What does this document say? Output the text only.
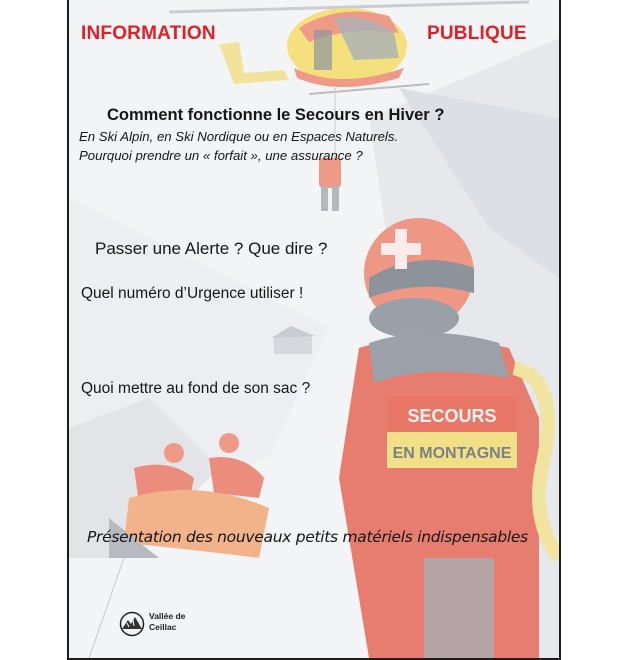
SECOURS
EN MONTAGNE
INFORMATION	PUBLIQUE
Comment fonctionne le Secours en Hiver ?
En Ski Alpin, en Ski Nordique ou en Espaces Naturels.
Pourquoi prendre un « forfait », une assurance ?
Passer une Alerte ? Que dire ?
Quel numéro d’Urgence utiliser !
Quoi mettre au fond de son sac ?
Présentation des nouveaux petits matériels indispensables
Vallée de
Ceillac
